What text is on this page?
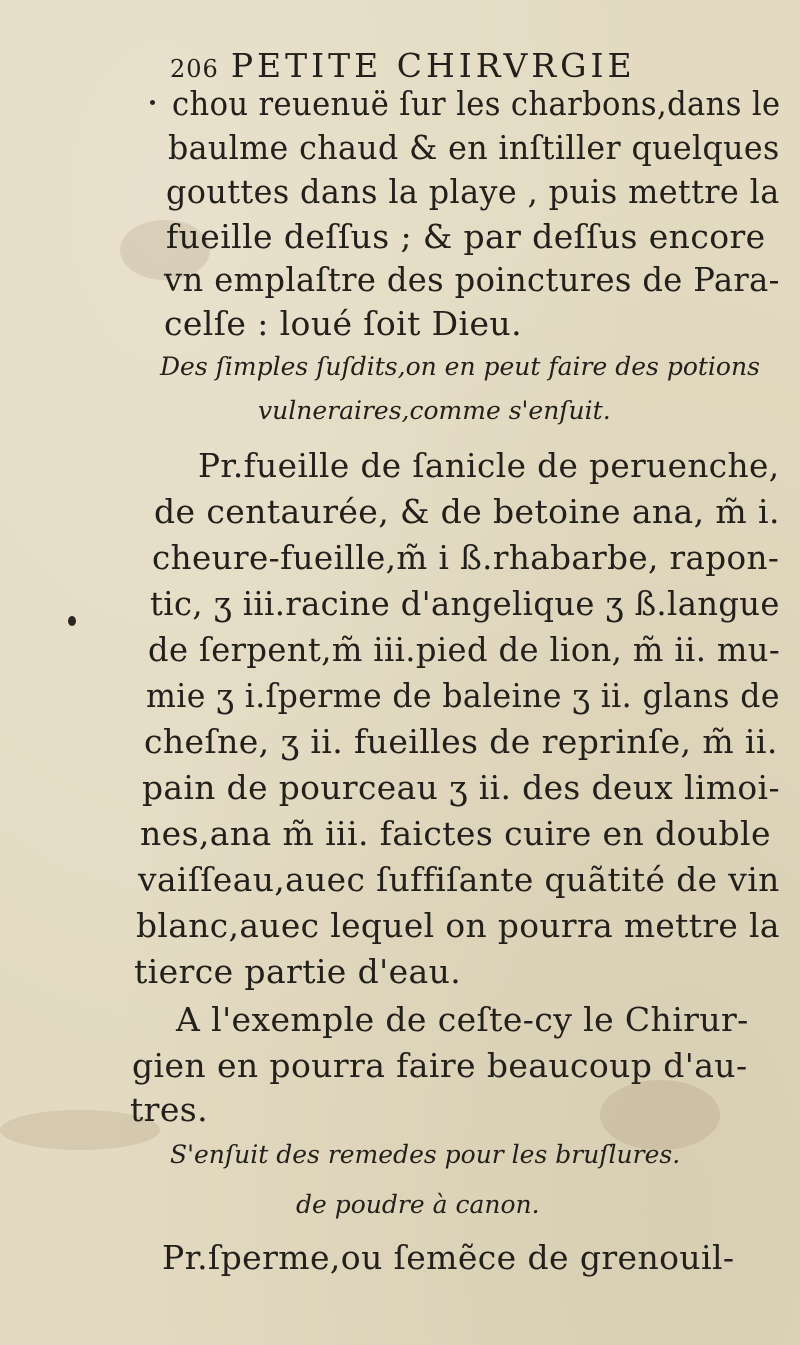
206 PETITE CHIRVRGIE
chou reuenuë ſur les charbons,dans le
baulme chaud & en inſtiller quelques
gouttes dans la playe , puis mettre la
fueille deſſus ; & par deſſus encore
vn emplaſtre des poinctures de Para-
celſe : loué ſoit Dieu.
Des ſimples ſuſdits,on en peut faire des potions
vulneraires,comme s'enſuit.
Pr.fueille de ſanicle de peruenche,
de centaurée, & de betoine ana, m̃ i.
cheure-fueille,m̃ i ß.rhabarbe, rapon-
tic, ʒ iii.racine d'angelique ʒ ß.langue
de ſerpent,m̃ iii.pied de lion, m̃ ii. mu-
mie ʒ i.ſperme de baleine ʒ ii. glans de
cheſne, ʒ ii. fueilles de reprinſe, m̃ ii.
pain de pourceau ʒ ii. des deux limoi-
nes,ana m̃ iii. faictes cuire en double
vaiſſeau,auec ſuffiſante quãtité de vin
blanc,auec lequel on pourra mettre la
tierce partie d'eau.
A l'exemple de ceſte-cy le Chirur-
gien en pourra faire beaucoup d'au-
tres.
S'enſuit des remedes pour les bruſlures.
de poudre à canon.
Pr.ſperme,ou ſemẽce de grenouil-
